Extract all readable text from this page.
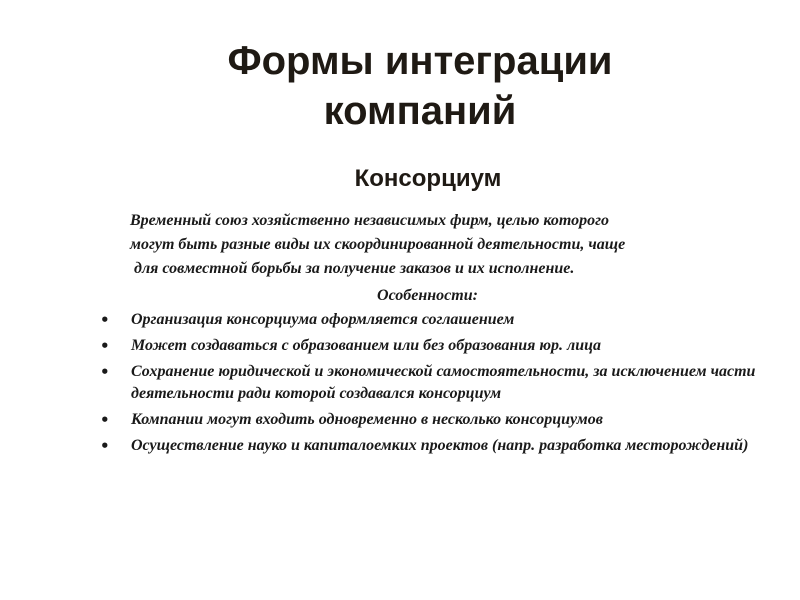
Формы интеграции
компаний
Консорциум

Временный союз хозяйственно независимых фирм, целью которого
могут быть разные виды их скоординированной деятельности, чаще
для совместной борьбы за получение заказов и их исполнение.

Особенности:

• Организация консорциума оформляется соглашением
• Может создаваться с образованием или без образования юр. лица
• Сохранение юридической и экономической самостоятельности, за исключением части деятельности ради которой создавался консорциум
• Компании могут входить одновременно в несколько консорциумов
• Осуществление науко и капиталоемких проектов (напр. разработка месторождений)
